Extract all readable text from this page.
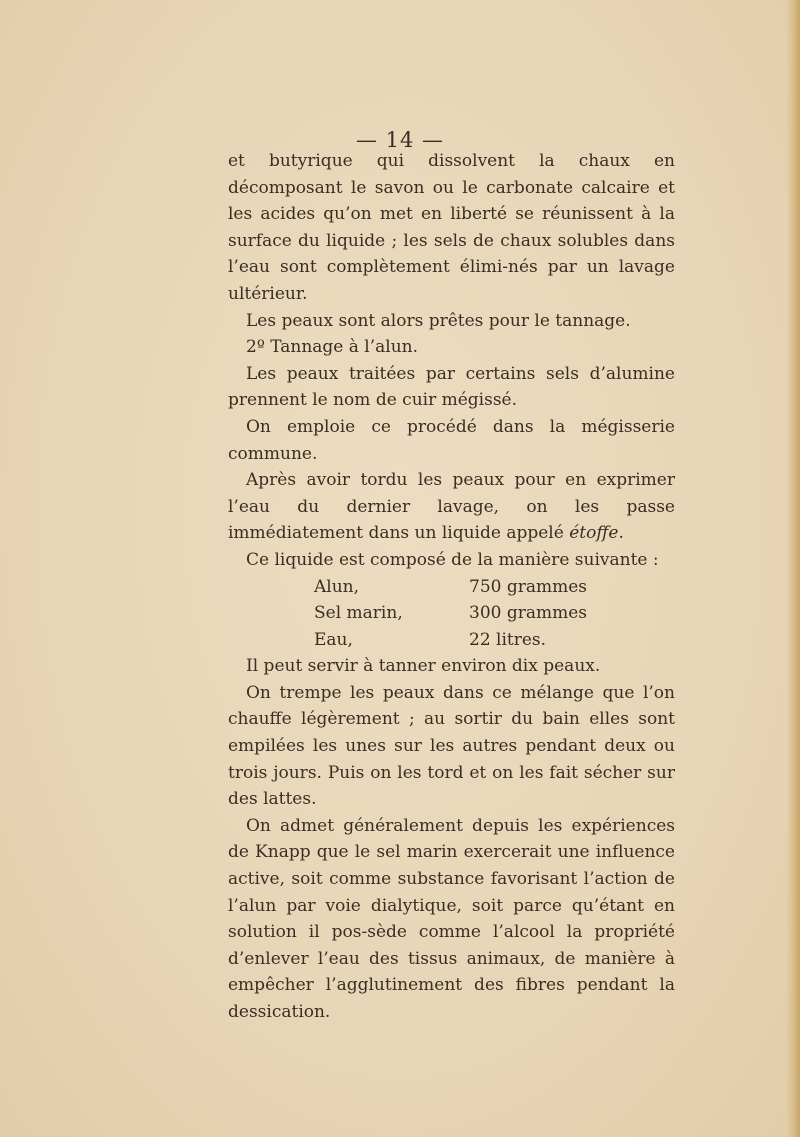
— 14 —

et butyrique qui dissolvent la chaux en décomposant le savon ou le carbonate calcaire et les acides qu’on met en liberté se réunissent à la surface du liquide ; les sels de chaux solubles dans l’eau sont complètement élimi-nés par un lavage ultérieur.

Les peaux sont alors prêtes pour le tannage.

2º Tannage à l’alun.

Les peaux traitées par certains sels d’alumine prennent le nom de cuir mégissé.

On emploie ce procédé dans la mégisserie commune.

Après avoir tordu les peaux pour en exprimer l’eau du dernier lavage, on les passe immédiatement dans un liquide appelé étoffe.

Ce liquide est composé de la manière suivante :

Alun,	750 grammes
Sel marin,	300 grammes
Eau,	22 litres.

Il peut servir à tanner environ dix peaux.

On trempe les peaux dans ce mélange que l’on chauffe légèrement ; au sortir du bain elles sont empilées les unes sur les autres pendant deux ou trois jours. Puis on les tord et on les fait sécher sur des lattes.

On admet généralement depuis les expériences de Knapp que le sel marin exercerait une influence active, soit comme substance favorisant l’action de l’alun par voie dialytique, soit parce qu’étant en solution il pos-sède comme l’alcool la propriété d’enlever l’eau des tissus animaux, de manière à empêcher l’agglutinement des fibres pendant la dessication.
